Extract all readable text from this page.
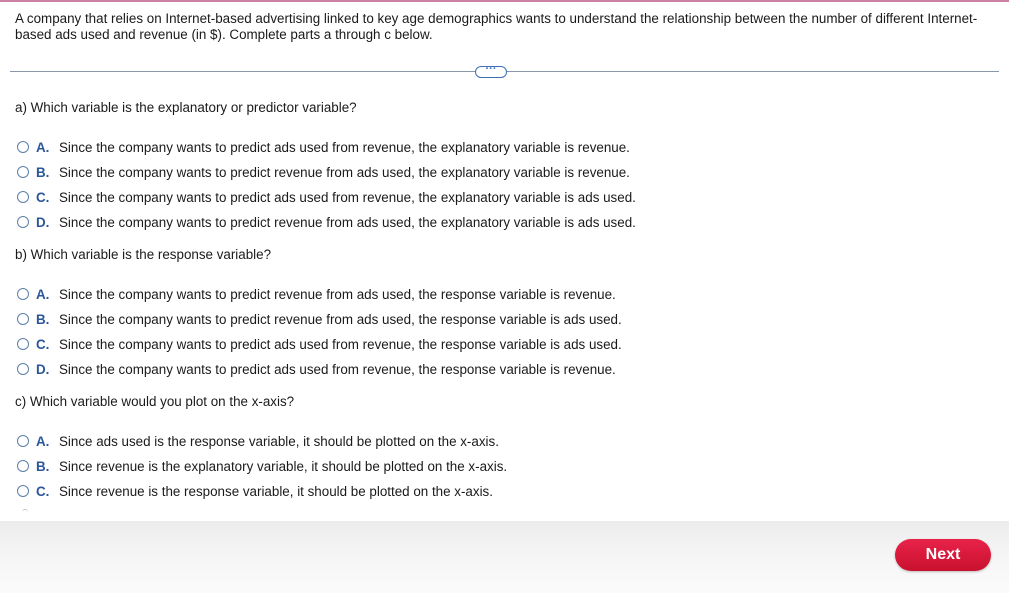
A company that relies on Internet-based advertising linked to key age demographics wants to understand the relationship between the number of different Internet-based ads used and revenue (in $). Complete parts a through c below.
···
a) Which variable is the explanatory or predictor variable?
A. Since the company wants to predict ads used from revenue, the explanatory variable is revenue.
B. Since the company wants to predict revenue from ads used, the explanatory variable is revenue.
C. Since the company wants to predict ads used from revenue, the explanatory variable is ads used.
D. Since the company wants to predict revenue from ads used, the explanatory variable is ads used.
b) Which variable is the response variable?
A. Since the company wants to predict revenue from ads used, the response variable is revenue.
B. Since the company wants to predict revenue from ads used, the response variable is ads used.
C. Since the company wants to predict ads used from revenue, the response variable is ads used.
D. Since the company wants to predict ads used from revenue, the response variable is revenue.
c) Which variable would you plot on the x-axis?
A. Since ads used is the response variable, it should be plotted on the x-axis.
B. Since revenue is the explanatory variable, it should be plotted on the x-axis.
C. Since revenue is the response variable, it should be plotted on the x-axis.
Next
